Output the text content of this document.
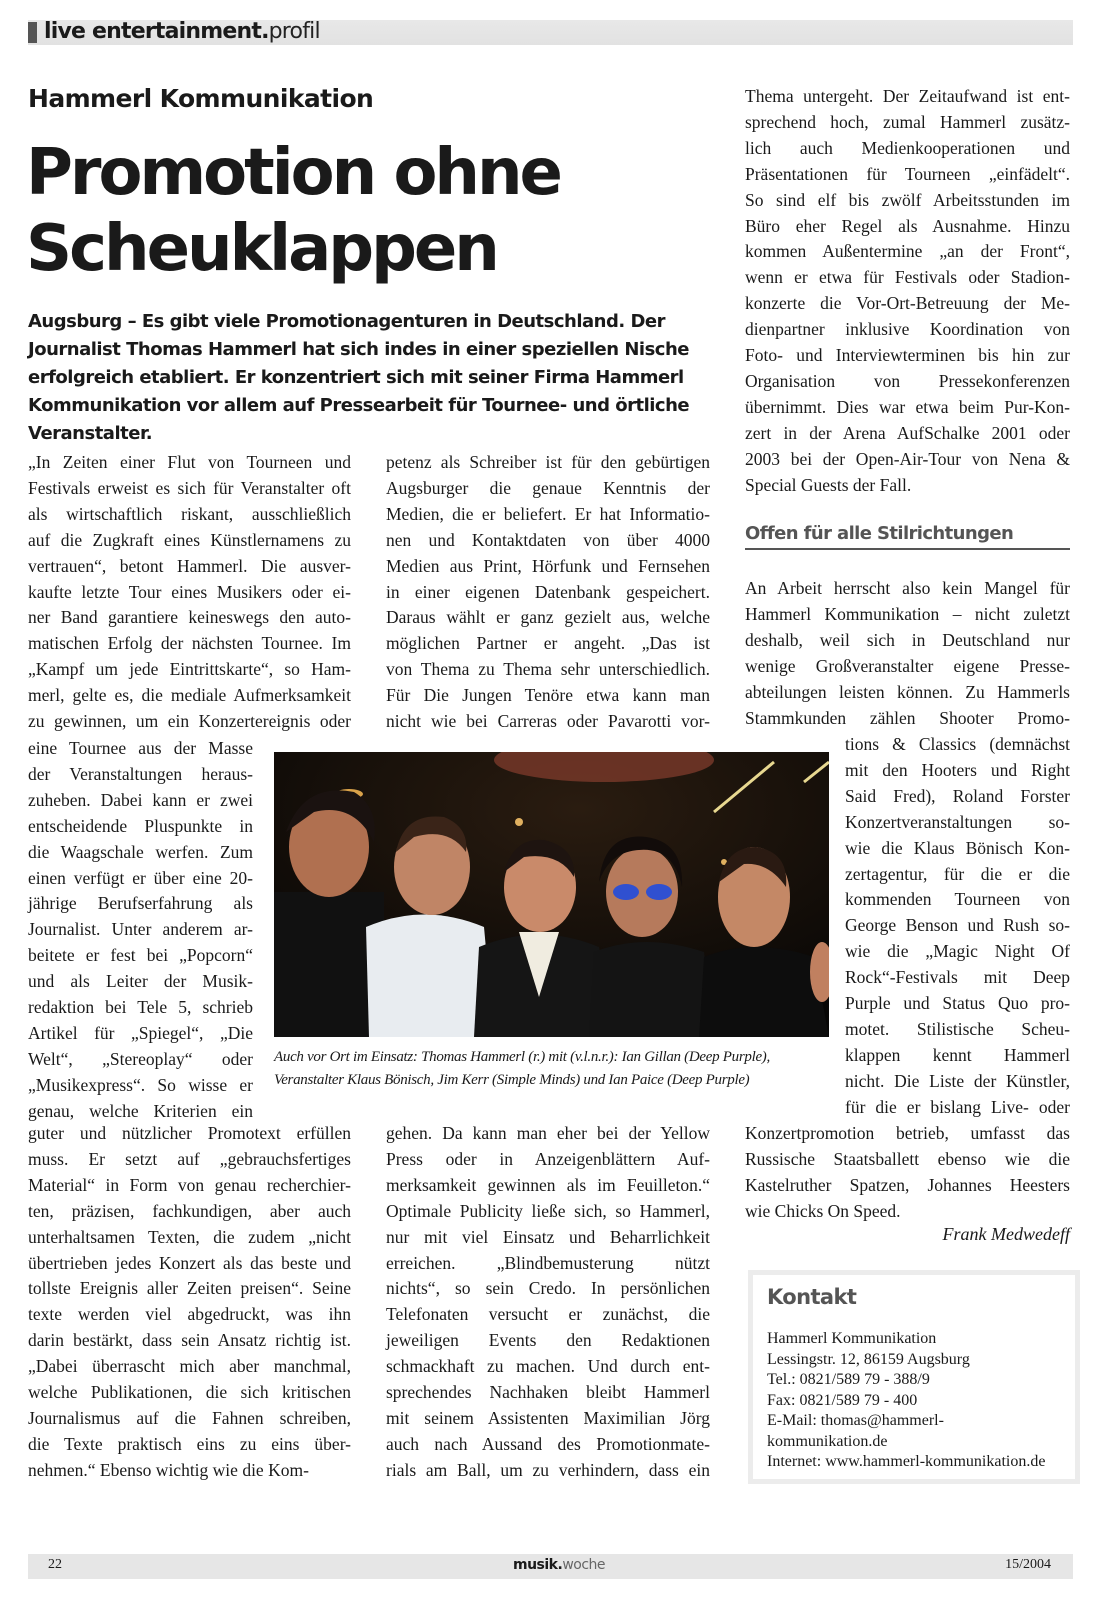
live entertainment.profil
Hammerl Kommunikation
Promotion ohne
Scheuklappen
Augsburg – Es gibt viele Promotionagenturen in Deutschland. Der Journalist Thomas Hammerl hat sich indes in einer speziellen Nische erfolgreich etabliert. Er konzentriert sich mit seiner Firma Hammerl Kommunikation vor allem auf Pressearbeit für Tournee- und örtliche Veranstalter.
„In Zeiten einer Flut von Tourneen und
Festivals erweist es sich für Veranstalter oft
als wirtschaftlich riskant, ausschließlich
auf die Zugkraft eines Künstlernamens zu
vertrauen“, betont Hammerl. Die ausver-
kaufte letzte Tour eines Musikers oder ei-
ner Band garantiere keineswegs den auto-
matischen Erfolg der nächsten Tournee. Im
„Kampf um jede Eintrittskarte“, so Ham-
merl, gelte es, die mediale Aufmerksamkeit
zu gewinnen, um ein Konzertereignis oder
eine Tournee aus der Masse
der Veranstaltungen heraus-
zuheben. Dabei kann er zwei
entscheidende Pluspunkte in
die Waagschale werfen. Zum
einen verfügt er über eine 20-
jährige Berufserfahrung als
Journalist. Unter anderem ar-
beitete er fest bei „Popcorn“
und als Leiter der Musik-
redaktion bei Tele 5, schrieb
Artikel für „Spiegel“, „Die
Welt“, „Stereoplay“ oder
„Musikexpress“. So wisse er
genau, welche Kriterien ein
guter und nützlicher Promotext erfüllen
muss. Er setzt auf „gebrauchsfertiges
Material“ in Form von genau recherchier-
ten, präzisen, fachkundigen, aber auch
unterhaltsamen Texten, die zudem „nicht
übertrieben jedes Konzert als das beste und
tollste Ereignis aller Zeiten preisen“. Seine
texte werden viel abgedruckt, was ihn
darin bestärkt, dass sein Ansatz richtig ist.
„Dabei überrascht mich aber manchmal,
welche Publikationen, die sich kritischen
Journalismus auf die Fahnen schreiben,
die Texte praktisch eins zu eins über-
nehmen.“ Ebenso wichtig wie die Kom-
petenz als Schreiber ist für den gebürtigen
Augsburger die genaue Kenntnis der
Medien, die er beliefert. Er hat Informatio-
nen und Kontaktdaten von über 4000
Medien aus Print, Hörfunk und Fernsehen
in einer eigenen Datenbank gespeichert.
Daraus wählt er ganz gezielt aus, welche
möglichen Partner er angeht. „Das ist
von Thema zu Thema sehr unterschiedlich.
Für Die Jungen Tenöre etwa kann man
nicht wie bei Carreras oder Pavarotti vor-
gehen. Da kann man eher bei der Yellow
Press oder in Anzeigenblättern Auf-
merksamkeit gewinnen als im Feuilleton.“
Optimale Publicity ließe sich, so Hammerl,
nur mit viel Einsatz und Beharrlichkeit
erreichen. „Blindbemusterung nützt
nichts“, so sein Credo. In persönlichen
Telefonaten versucht er zunächst, die
jeweiligen Events den Redaktionen
schmackhaft zu machen. Und durch ent-
sprechendes Nachhaken bleibt Hammerl
mit seinem Assistenten Maximilian Jörg
auch nach Aussand des Promotionmate-
rials am Ball, um zu verhindern, dass ein
Thema untergeht. Der Zeitaufwand ist ent-
sprechend hoch, zumal Hammerl zusätz-
lich auch Medienkooperationen und
Präsentationen für Tourneen „einfädelt“.
So sind elf bis zwölf Arbeitsstunden im
Büro eher Regel als Ausnahme. Hinzu
kommen Außentermine „an der Front“,
wenn er etwa für Festivals oder Stadion-
konzerte die Vor-Ort-Betreuung der Me-
dienpartner inklusive Koordination von
Foto- und Interviewterminen bis hin zur
Organisation von Pressekonferenzen
übernimmt. Dies war etwa beim Pur-Kon-
zert in der Arena AufSchalke 2001 oder
2003 bei der Open-Air-Tour von Nena &
Special Guests der Fall.
Offen für alle Stilrichtungen
An Arbeit herrscht also kein Mangel für
Hammerl Kommunikation – nicht zuletzt
deshalb, weil sich in Deutschland nur
wenige Großveranstalter eigene Presse-
abteilungen leisten können. Zu Hammerls
Stammkunden zählen Shooter Promo-
tions & Classics (demnächst
mit den Hooters und Right
Said Fred), Roland Forster
Konzertveranstaltungen so-
wie die Klaus Bönisch Kon-
zertagentur, für die er die
kommenden Tourneen von
George Benson und Rush so-
wie die „Magic Night Of
Rock“-Festivals mit Deep
Purple und Status Quo pro-
motet. Stilistische Scheu-
klappen kennt Hammerl
nicht. Die Liste der Künstler,
für die er bislang Live- oder
Konzertpromotion betrieb, umfasst das
Russische Staatsballett ebenso wie die
Kastelruther Spatzen, Johannes Heesters
wie Chicks On Speed.
Auch vor Ort im Einsatz: Thomas Hammerl (r.) mit (v.l.n.r.): Ian Gillan (Deep Purple),
Veranstalter Klaus Bönisch, Jim Kerr (Simple Minds) und Ian Paice (Deep Purple)
Frank Medwedeff
Kontakt
Hammerl Kommunikation
Lessingstr. 12, 86159 Augsburg
Tel.: 0821/589 79 - 388/9
Fax: 0821/589 79 - 400
E-Mail: thomas@hammerl-
kommunikation.de
Internet: www.hammerl-kommunikation.de
22	musik.woche	15/2004
